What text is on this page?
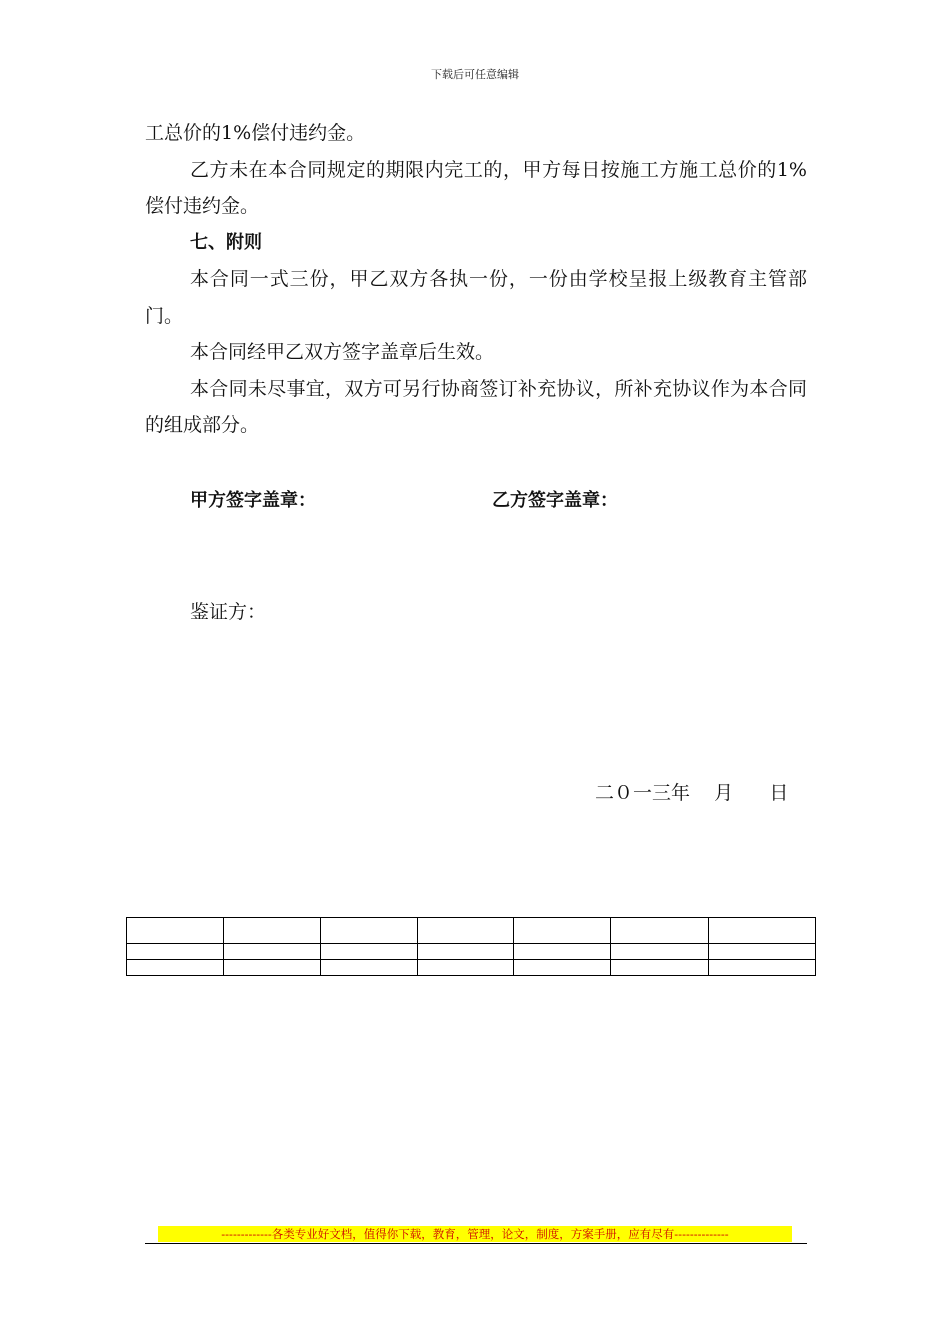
下载后可任意编辑

工总价的1%偿付违约金。

乙方未在本合同规定的期限内完工的，甲方每日按施工方施工总价的1%偿付违约金。

七、附则

本合同一式三份，甲乙双方各执一份，一份由学校呈报上级教育主管部门。

本合同经甲乙双方签字盖章后生效。

本合同未尽事宜，双方可另行协商签订补充协议，所补充协议作为本合同的组成部分。

甲方签字盖章：	乙方签字盖章：
鉴证方：
二０一三年    月      日

-------------各类专业好文档，值得你下载，教育，管理，论文，制度，方案手册，应有尽有--------------
